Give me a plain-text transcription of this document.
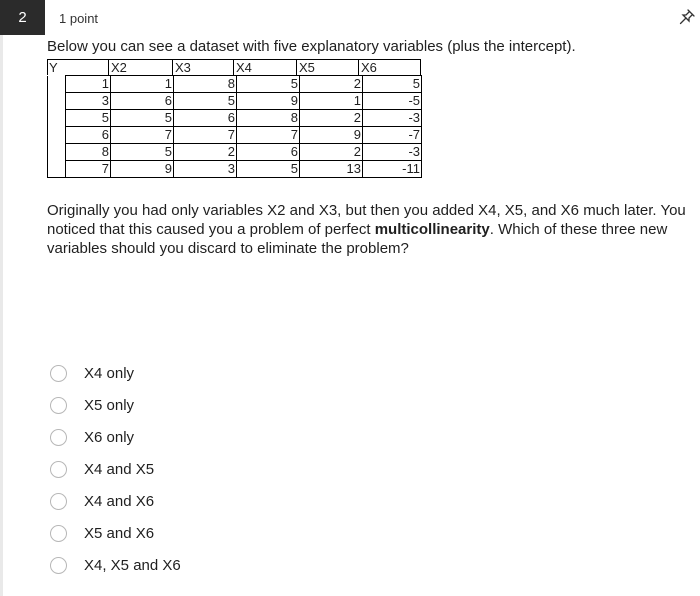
2 1 point
Below you can see a dataset with five explanatory variables (plus the intercept).
Y	X2	X3	X4	X5	X6
	1	1	8	5	2	5
	3	6	5	9	1	-5
	5	5	6	8	2	-3
	6	7	7	7	9	-7
	8	5	2	6	2	-3
	7	9	3	5	13	-11
Originally you had only variables X2 and X3, but then you added X4, X5, and X6 much later. You noticed that this caused you a problem of perfect multicollinearity. Which of these three new variables should you discard to eliminate the problem?
X4 only
X5 only
X6 only
X4 and X5
X4 and X6
X5 and X6
X4, X5 and X6
